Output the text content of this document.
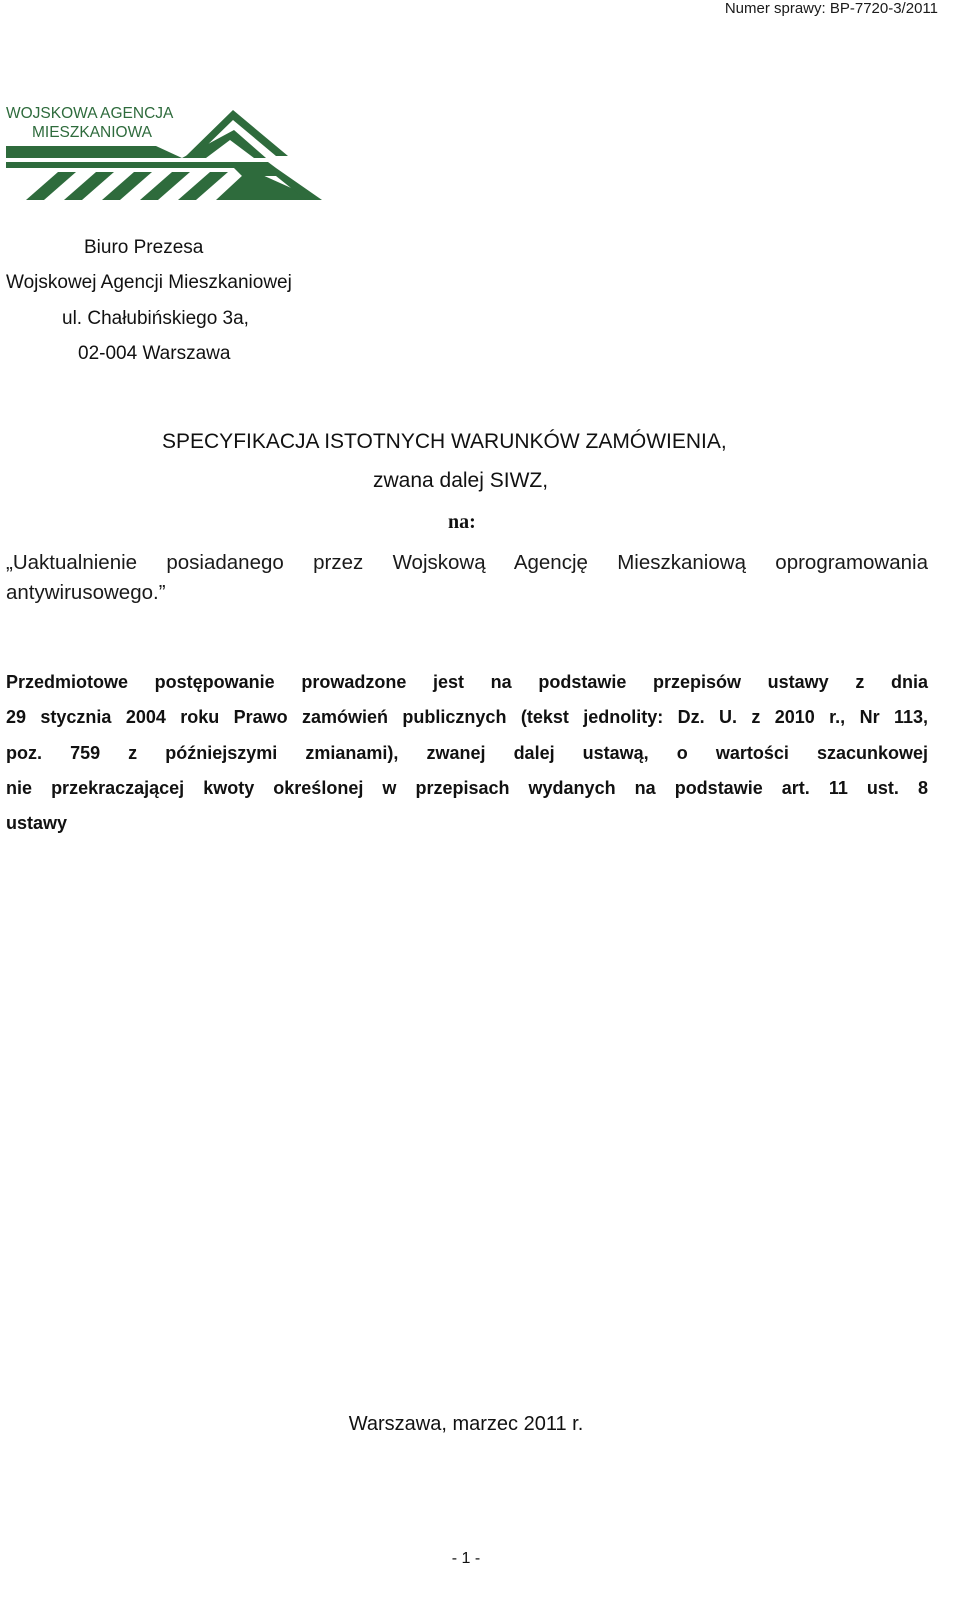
Numer sprawy: BP-7720-3/2011
WOJSKOWA AGENCJA
MIESZKANIOWA
Biuro Prezesa
Wojskowej Agencji Mieszkaniowej
ul. Chałubińskiego 3a,
02-004 Warszawa
SPECYFIKACJA ISTOTNYCH WARUNKÓW ZAMÓWIENIA,
zwana dalej SIWZ,
na:
„Uaktualnienie posiadanego przez Wojskową Agencję Mieszkaniową oprogramowania antywirusowego.”
Przedmiotowe postępowanie prowadzone jest na podstawie przepisów ustawy z dnia
29 stycznia 2004 roku Prawo zamówień publicznych (tekst jednolity: Dz. U. z 2010 r., Nr 113,
poz. 759 z późniejszymi zmianami), zwanej dalej ustawą, o wartości szacunkowej
nie przekraczającej kwoty określonej w przepisach wydanych na podstawie art. 11 ust. 8
ustawy
Warszawa, marzec 2011 r.
- 1 -
